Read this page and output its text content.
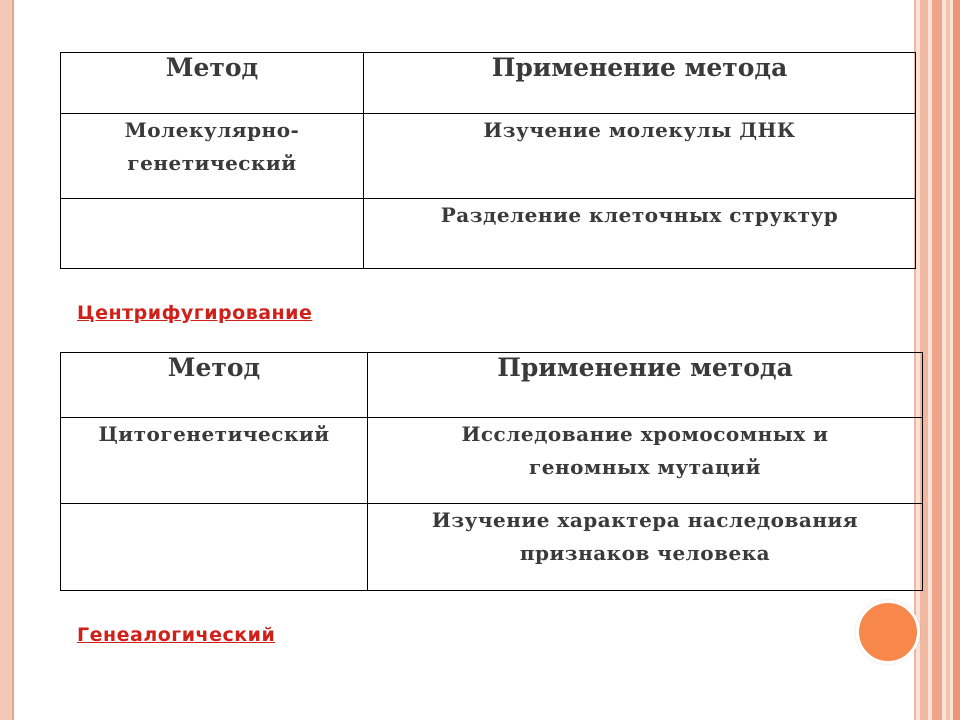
Метод	Применение метода
Молекулярно-
генетический	Изучение молекулы ДНК
	Разделение клеточных структур
Центрифугирование
Метод	Применение метода
Цитогенетический	Исследование хромосомных и
геномных мутаций
	Изучение характера наследования
признаков человека
Генеалогический
